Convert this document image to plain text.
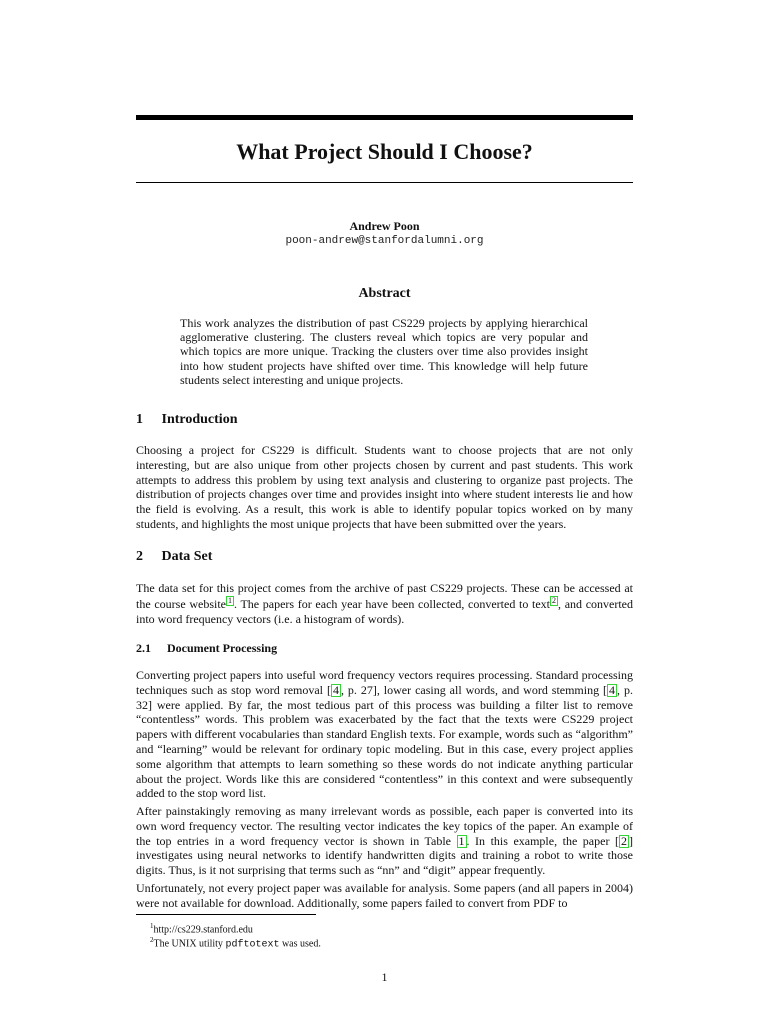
What Project Should I Choose?
Andrew Poon
poon-andrew@stanfordalumni.org
Abstract
This work analyzes the distribution of past CS229 projects by applying hierarchical agglomerative clustering. The clusters reveal which topics are very popular and which topics are more unique. Tracking the clusters over time also provides insight into how student projects have shifted over time. This knowledge will help future students select interesting and unique projects.
1 Introduction
Choosing a project for CS229 is difficult. Students want to choose projects that are not only interesting, but are also unique from other projects chosen by current and past students. This work attempts to address this problem by using text analysis and clustering to organize past projects. The distribution of projects changes over time and provides insight into where student interests lie and how the field is evolving. As a result, this work is able to identify popular topics worked on by many students, and highlights the most unique projects that have been submitted over the years.
2 Data Set
The data set for this project comes from the archive of past CS229 projects. These can be accessed at the course website 1 . The papers for each year have been collected, converted to text 2 , and converted into word frequency vectors (i.e. a histogram of words).
2.1 Document Processing
Converting project papers into useful word frequency vectors requires processing. Standard processing techniques such as stop word removal [ 4 , p. 27], lower casing all words, and word stemming [ 4 , p. 32] were applied. By far, the most tedious part of this process was building a filter list to remove “contentless” words. This problem was exacerbated by the fact that the texts were CS229 project papers with different vocabularies than standard English texts. For example, words such as “algorithm” and “learning” would be relevant for ordinary topic modeling. But in this case, every project applies some algorithm that attempts to learn something so these words do not indicate anything particular about the project. Words like this are considered “contentless” in this context and were subsequently added to the stop word list.
After painstakingly removing as many irrelevant words as possible, each paper is converted into its own word frequency vector. The resulting vector indicates the key topics of the paper. An example of the top entries in a word frequency vector is shown in Table 1 . In this example, the paper [ 2 ] investigates using neural networks to identify handwritten digits and training a robot to write those digits. Thus, is it not surprising that terms such as “nn” and “digit” appear frequently.
Unfortunately, not every project paper was available for analysis. Some papers (and all papers in 2004) were not available for download. Additionally, some papers failed to convert from PDF to
$^1$http://cs229.stanford.edu
$^2$The UNIX utility pdftotext was used.
1
